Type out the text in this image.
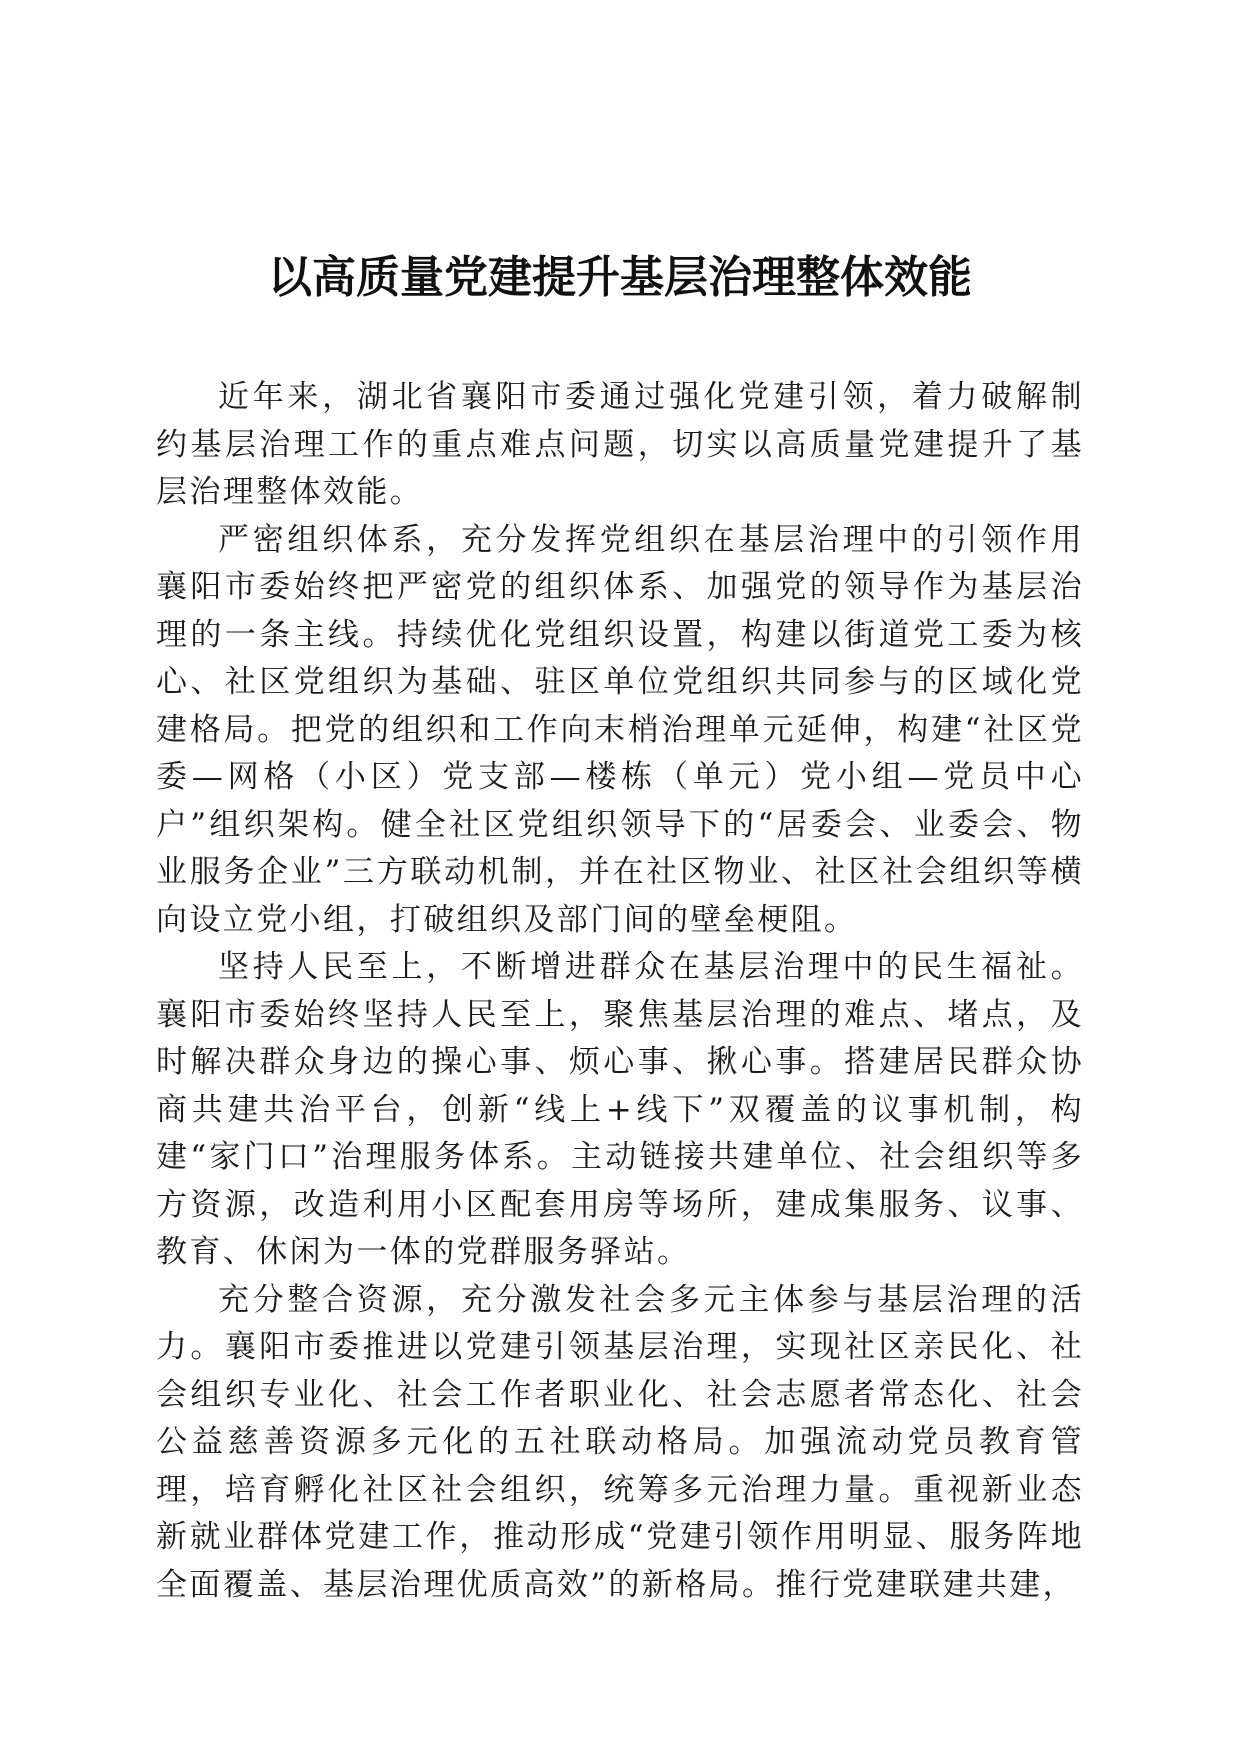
以高质量党建提升基层治理整体效能

近年来，湖北省襄阳市委通过强化党建引领，着力破解制约基层治理工作的重点难点问题，切实以高质量党建提升了基层治理整体效能。

严密组织体系，充分发挥党组织在基层治理中的引领作用襄阳市委始终把严密党的组织体系、加强党的领导作为基层治理的一条主线。持续优化党组织设置，构建以街道党工委为核心、社区党组织为基础、驻区单位党组织共同参与的区域化党建格局。把党的组织和工作向末梢治理单元延伸，构建“社区党委—网格（小区）党支部—楼栋（单元）党小组—党员中心户”组织架构。健全社区党组织领导下的“居委会、业委会、物业服务企业”三方联动机制，并在社区物业、社区社会组织等横向设立党小组，打破组织及部门间的壁垒梗阻。

坚持人民至上，不断增进群众在基层治理中的民生福祉。襄阳市委始终坚持人民至上，聚焦基层治理的难点、堵点，及时解决群众身边的操心事、烦心事、揪心事。搭建居民群众协商共建共治平台，创新“线上+线下”双覆盖的议事机制，构建“家门口”治理服务体系。主动链接共建单位、社会组织等多方资源，改造利用小区配套用房等场所，建成集服务、议事、教育、休闲为一体的党群服务驿站。

充分整合资源，充分激发社会多元主体参与基层治理的活力。襄阳市委推进以党建引领基层治理，实现社区亲民化、社会组织专业化、社会工作者职业化、社会志愿者常态化、社会公益慈善资源多元化的五社联动格局。加强流动党员教育管理，培育孵化社区社会组织，统筹多元治理力量。重视新业态新就业群体党建工作，推动形成“党建引领作用明显、服务阵地全面覆盖、基层治理优质高效”的新格局。推行党建联建共建，
